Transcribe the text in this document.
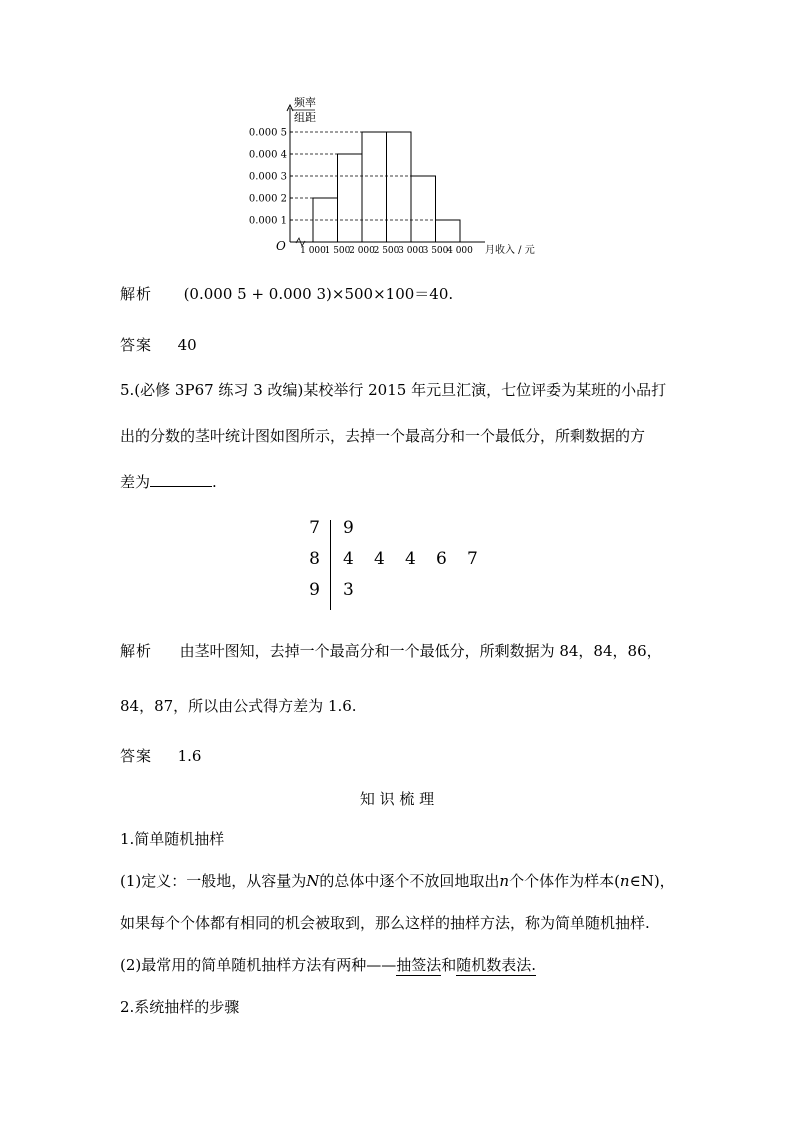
频率
组距
0.000 1
0.000 2
0.000 3
0.000 4
0.000 5
1 000
1 500
2 000
2 500
3 000
3 500
4 000
O	月收入 / 元
解析 (0.000 5 + 0.000 3)×500×100＝40.
答案 40
5.(必修 3P67 练习 3 改编)某校举行 2015 年元旦汇演，七位评委为某班的小品打
出的分数的茎叶统计图如图所示，去掉一个最高分和一个最低分，所剩数据的方
差为	.
7 9
8 4 4 4 6 7
9 3
解析 由茎叶图知，去掉一个最高分和一个最低分，所剩数据为 84，84，86，
84，87，所以由公式得方差为 1.6.
答案 1.6
知 识 梳 理
1.简单随机抽样
(1)定义：一般地，从容量为N的总体中逐个不放回地取出n个个体作为样本(n∈N)，
如果每个个体都有相同的机会被取到，那么这样的抽样方法，称为简单随机抽样.
(2)最常用的简单随机抽样方法有两种——抽签法和随机数表法.
2.系统抽样的步骤
